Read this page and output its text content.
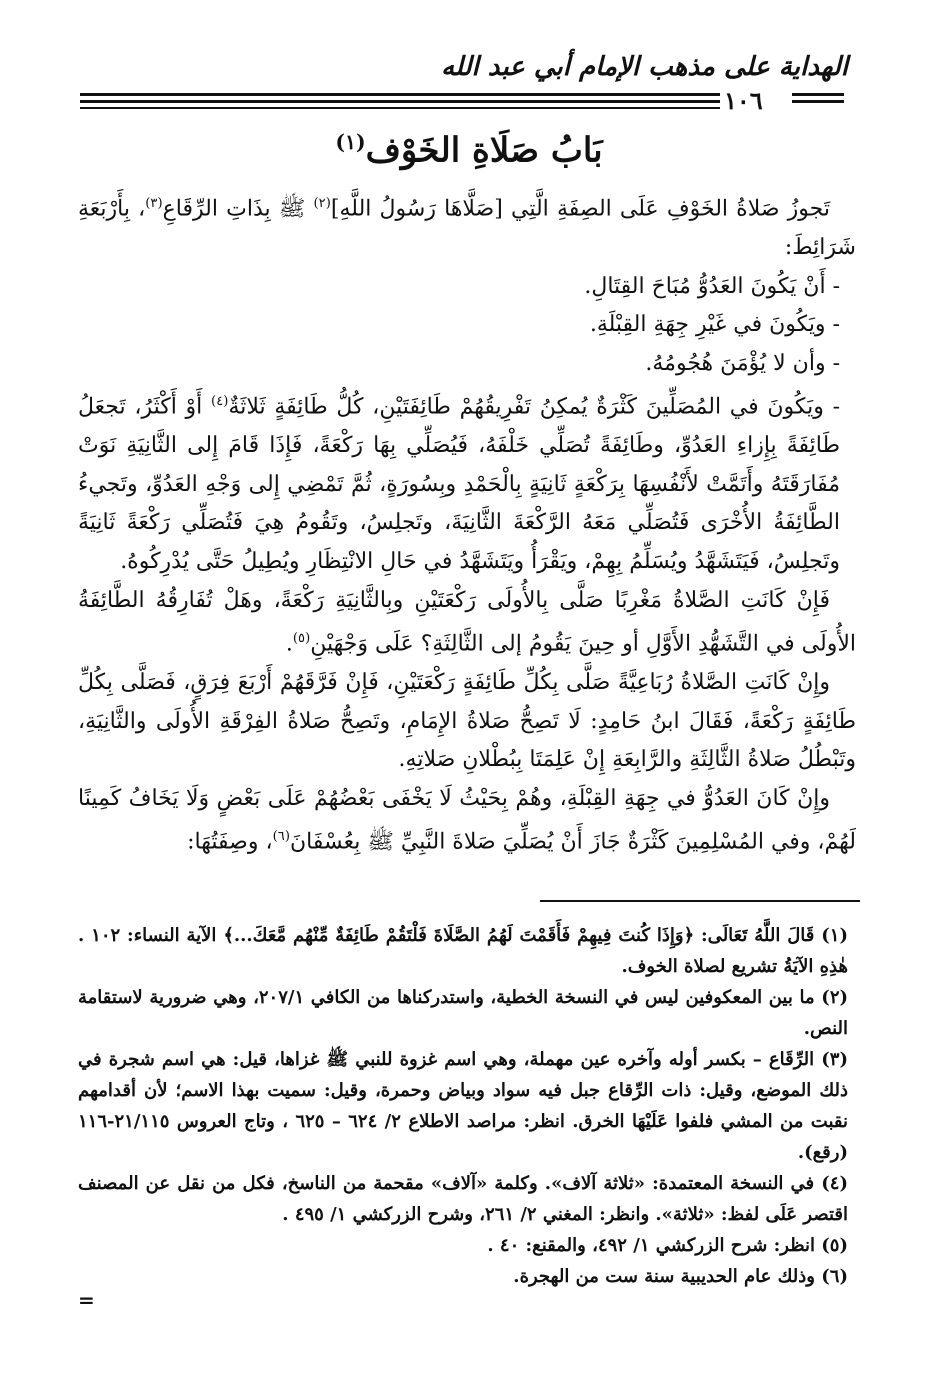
الهداية على مذهب الإمام أبي عبد الله
١٠٦
بَابُ صَلَاةِ الخَوْف$^{(١)}$

تَجوزُ صَلاةُ الخَوْفِ عَلَى الصِفَةِ الَّتِي [صَلَّاهَا رَسُولُ اللَّهِ]$^{(٢)}$ ﷺ بِذَاتِ الرِّقَاعِ$^{(٣)}$، بِأَرْبَعَةِ شَرَائِطَ:

- أَنْ يَكُونَ العَدُوُّ مُبَاحَ القِتَالِ.

- ويَكُونَ في غَيْرِ جِهَةِ القِبْلَةِ.

- وأن لا يُؤْمَنَ هُجُومُهُ.

- ويَكُونَ في المُصَلِّينَ كَثْرَةٌ يُمكِنُ تَفْرِيقُهُمْ طَائِفَتَيْنِ، كُلُّ طَائِفَةٍ ثَلاثَةٌ$^{(٤)}$ أَوْ أَكْثَرُ، تَجعَلُ طَائِفَةً بِإِزاءِ العَدُوِّ، وطَائِفَةً تُصَلِّي خَلْفَهُ، فَيُصَلِّي بِهَا رَكْعَةً، فَإِذَا قَامَ إِلى الثَّانِيَةِ نَوَتْ مُفَارَقَتَهُ وأَتَمَّتْ لأَنْفُسِهَا بِرَكْعَةٍ ثَانِيَةٍ بِالْحَمْدِ وبِسُورَةٍ، ثُمَّ تَمْضِي إِلى وَجْهِ العَدُوِّ، وتَجيءُ الطَّائِفَةُ الأُخْرَى فَتُصَلِّي مَعَهُ الرَّكْعَةَ الثَّانِيَةَ، وتَجلِسُ، وتَقُومُ هِيَ فَتُصَلِّي رَكْعَةً ثَانِيَةً وتَجلِسُ، فَيَتَشَهَّدُ ويُسَلِّمُ بِهِمْ، ويَقْرَأُ ويَتَشَهَّدُ في حَالِ الانْتِظَارِ ويُطِيلُ حَتَّى يُدْرِكُوهُ.

فَإِنْ كَانَتِ الصَّلاةُ مَغْرِبًا صَلَّى بِالأُولَى رَكْعَتَيْنِ وبِالثَّانِيَةِ رَكْعَةً، وهَلْ تُفَارِقُهُ الطَّائِفَةُ الأُولَى في التَّشَهُّدِ الأَوَّلِ أو حِينَ يَقُومُ إلى الثَّالِثَةِ؟ عَلَى وَجْهَيْنِ$^{(٥)}$.

وإِنْ كَانَتِ الصَّلاةُ رُبَاعِيَّةً صَلَّى بِكُلِّ طَائِفَةٍ رَكْعَتَيْنِ، فَإِنْ فَرَّقَهُمْ أَرْبَعَ فِرَقٍ، فَصَلَّى بِكُلِّ طَائِفَةٍ رَكْعَةً، فَقَالَ ابنُ حَامِدٍ: لَا تَصِحُّ صَلاةُ الإِمَامِ، وتَصِحُّ صَلاةُ الفِرْقَةِ الأُولَى والثَّانِيَةِ، وتَبْطُلُ صَلاةُ الثَّالِثَةِ والرَّابِعَةِ إِنْ عَلِمَتَا بِبُطْلانِ صَلاتِهِ.

وإِنْ كَانَ العَدُوُّ في جِهَةِ القِبْلَةِ، وهُمْ بِحَيْثُ لَا يَخْفَى بَعْضُهُمْ عَلَى بَعْضٍ وَلَا يَخَافُ كَمِينًا لَهُمْ، وفي المُسْلِمِينَ كَثْرَةٌ جَازَ أَنْ يُصَلِّيَ صَلاةَ النَّبِيِّ ﷺ بِعُسْفَانَ$^{(٦)}$، وصِفَتُهَا:

(١) قَالَ اللَّهُ تَعَالَى: ﴿وَإِذَا كُنتَ فِيهِمْ فَأَقَمْتَ لَهُمُ الصَّلَاةَ فَلْتَقُمْ طَائِفَةٌ مِّنْهُم مَّعَكَ...﴾ الآية النساء: ١٠٢ . هٰذِهِ الآيَةُ تشريع لصلاة الخوف.

(٢) ما بين المعكوفين ليس في النسخة الخطية، واستدركناها من الكافي ٢٠٧/١، وهي ضرورية لاستقامة النص.

(٣) الرِّقَاع – بكسر أوله وآخره عين مهملة، وهي اسم غزوة للنبي ﷺ غزاها، قيل: هي اسم شجرة في ذلك الموضع، وقيل: ذات الرِّقاع جبل فيه سواد وبياض وحمرة، وقيل: سميت بهذا الاسم؛ لأن أقدامهم نقبت من المشي فلفوا عَلَيْهَا الخرق. انظر: مراصد الاطلاع ٢/ ٦٢٤ – ٦٢٥ ، وتاج العروس ٢١/١١٥-١١٦ (رقع).

(٤) في النسخة المعتمدة: «ثلاثة آلاف». وكلمة «آلاف» مقحمة من الناسخ، فكل من نقل عن المصنف اقتصر عَلَى لفظ: «ثلاثة». وانظر: المغني ٢/ ٢٦١، وشرح الزركشي ١/ ٤٩٥ .

(٥) انظر: شرح الزركشي ١/ ٤٩٢، والمقنع: ٤٠ .

(٦) وذلك عام الحديبية سنة ست من الهجرة.

=
